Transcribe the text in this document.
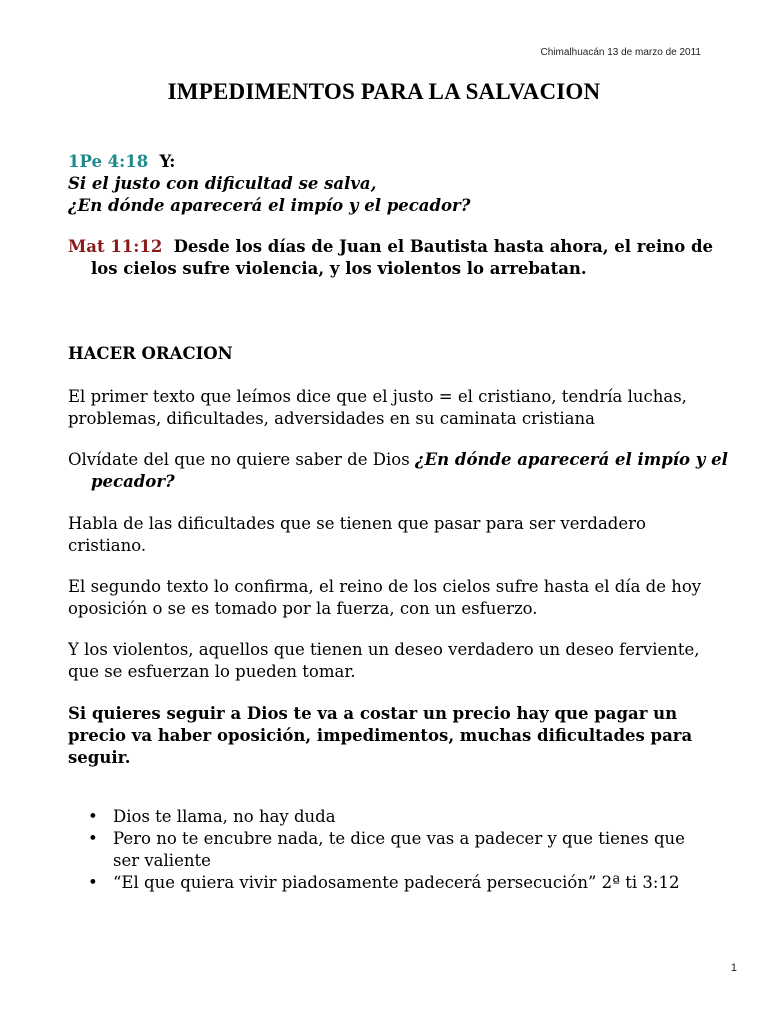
Chimalhuacán 13 de marzo de 2011
IMPEDIMENTOS PARA LA SALVACION
1Pe 4:18 Y:
Si el justo con dificultad se salva,
¿En dónde aparecerá el impío y el pecador?
Mat 11:12 Desde los días de Juan el Bautista hasta ahora, el reino de los cielos sufre violencia, y los violentos lo arrebatan.
HACER ORACION
El primer texto que leímos dice que el justo = el cristiano, tendría luchas, problemas, dificultades, adversidades en su caminata cristiana
Olvídate del que no quiere saber de Dios ¿En dónde aparecerá el impío y el pecador?
Habla de las dificultades que se tienen que pasar para ser verdadero cristiano.
El segundo texto lo confirma, el reino de los cielos sufre hasta el día de hoy oposición o se es tomado por la fuerza, con un esfuerzo.
Y los violentos, aquellos que tienen un deseo verdadero un deseo ferviente, que se esfuerzan lo pueden tomar.
Si quieres seguir a Dios te va a costar un precio hay que pagar un precio va haber oposición, impedimentos, muchas dificultades para seguir.
• Dios te llama, no hay duda
• Pero no te encubre nada, te dice que vas a padecer y que tienes que ser valiente
• “El que quiera vivir piadosamente padecerá persecución” 2ª ti 3:12
1
